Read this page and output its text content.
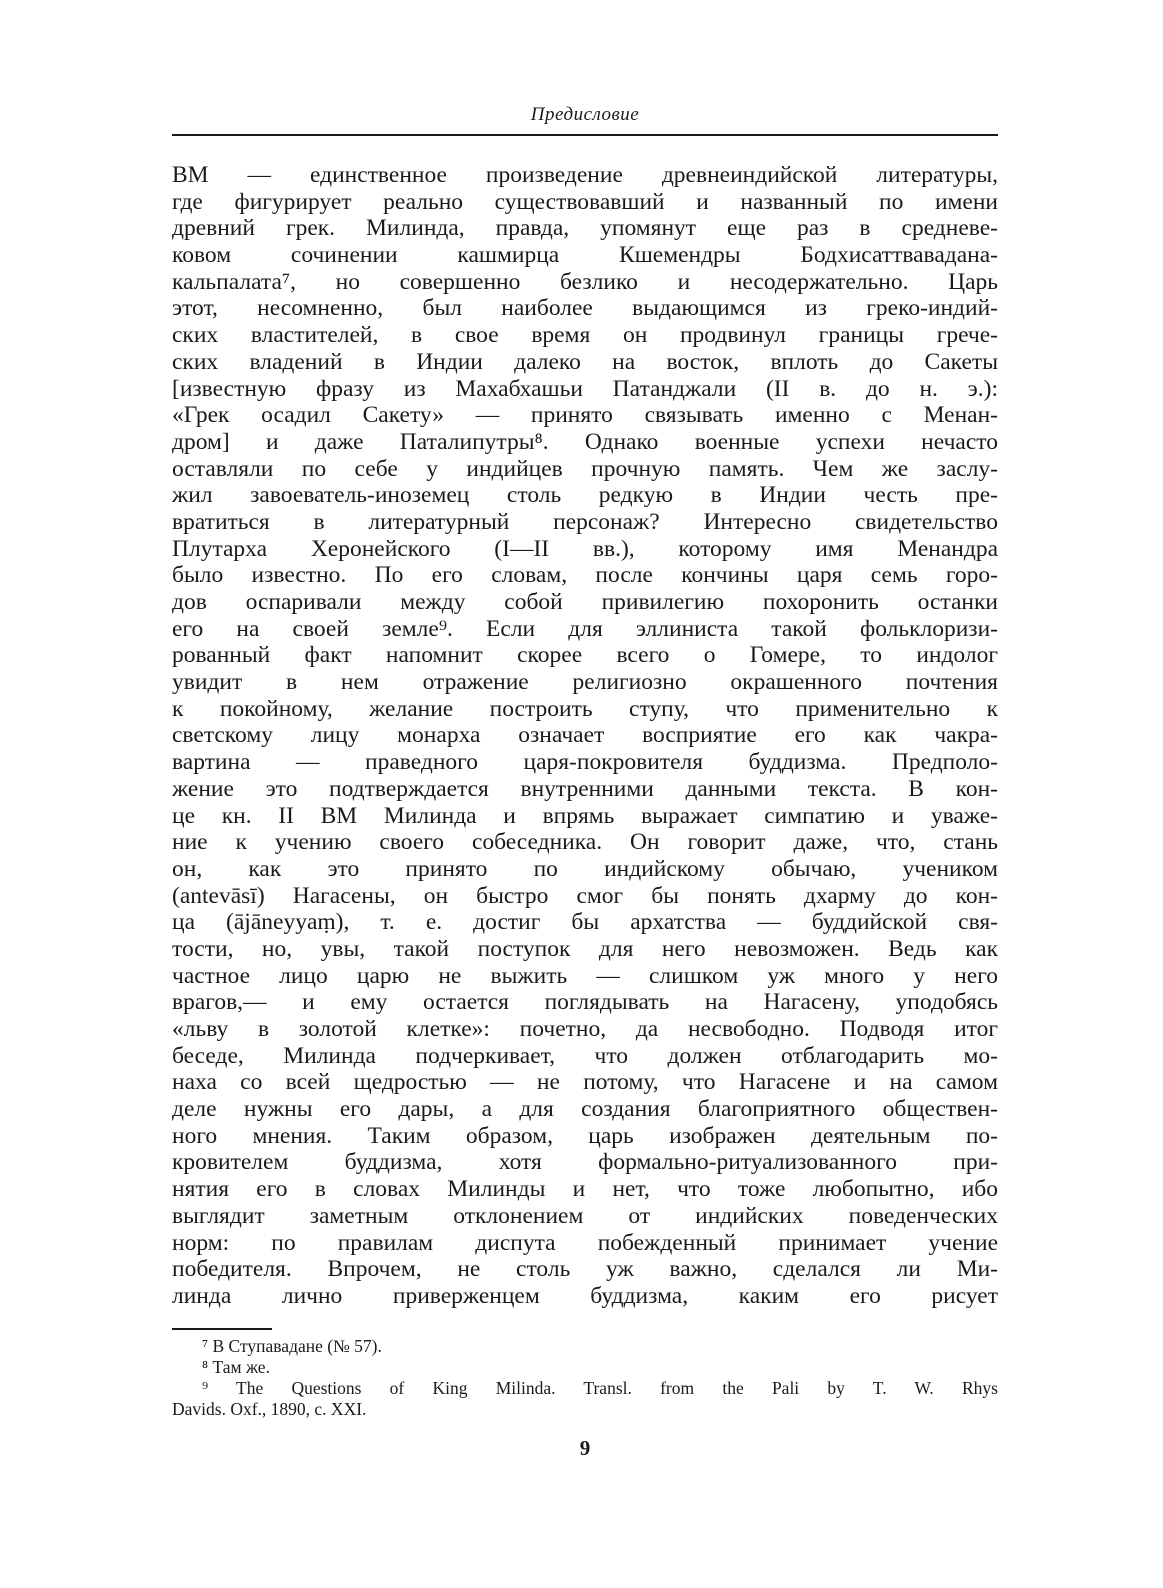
Предисловие
ВМ — единственное произведение древнеиндийской литературы,
где фигурирует реально существовавший и названный по имени
древний грек. Милинда, правда, упомянут еще раз в средневе-
ковом сочинении кашмирца Кшемендры Бодхисаттвавадана-
кальпалата⁷, но совершенно безлико и несодержательно. Царь
этот, несомненно, был наиболее выдающимся из греко-индий-
ских властителей, в свое время он продвинул границы грече-
ских владений в Индии далеко на восток, вплоть до Сакеты
[известную фразу из Махабхашьи Патанджали (II в. до н. э.):
«Грек осадил Сакету» — принято связывать именно с Менан-
дром] и даже Паталипутры⁸. Однако военные успехи нечасто
оставляли по себе у индийцев прочную память. Чем же заслу-
жил завоеватель-иноземец столь редкую в Индии честь пре-
вратиться в литературный персонаж? Интересно свидетельство
Плутарха Херонейского (I—II вв.), которому имя Менандра
было известно. По его словам, после кончины царя семь горо-
дов оспаривали между собой привилегию похоронить останки
его на своей земле⁹. Если для эллиниста такой фольклоризи-
рованный факт напомнит скорее всего о Гомере, то индолог
увидит в нем отражение религиозно окрашенного почтения
к покойному, желание построить ступу, что применительно к
светскому лицу монарха означает восприятие его как чакра-
вартина — праведного царя-покровителя буддизма. Предполо-
жение это подтверждается внутренними данными текста. В кон-
це кн. II ВМ Милинда и впрямь выражает симпатию и уваже-
ние к учению своего собеседника. Он говорит даже, что, стань
он, как это принято по индийскому обычаю, учеником
(antevāsī) Нагасены, он быстро смог бы понять дхарму до кон-
ца (ājāneyyaṃ), т. е. достиг бы архатства — буддийской свя-
тости, но, увы, такой поступок для него невозможен. Ведь как
частное лицо царю не выжить — слишком уж много у него
врагов,— и ему остается поглядывать на Нагасену, уподобясь
«льву в золотой клетке»: почетно, да несвободно. Подводя итог
беседе, Милинда подчеркивает, что должен отблагодарить мо-
наха со всей щедростью — не потому, что Нагасене и на самом
деле нужны его дары, а для создания благоприятного обществен-
ного мнения. Таким образом, царь изображен деятельным по-
кровителем буддизма, хотя формально-ритуализованного при-
нятия его в словах Милинды и нет, что тоже любопытно, ибо
выглядит заметным отклонением от индийских поведенческих
норм: по правилам диспута побежденный принимает учение
победителя. Впрочем, не столь уж важно, сделался ли Ми-
линда лично приверженцем буддизма, каким его рисует
⁷ В Ступавадане (№ 57).
⁸ Там же.
⁹ The Questions of King Milinda. Transl. from the Pali by T. W. Rhys
Davids. Oxf., 1890, c. XXI.
9
